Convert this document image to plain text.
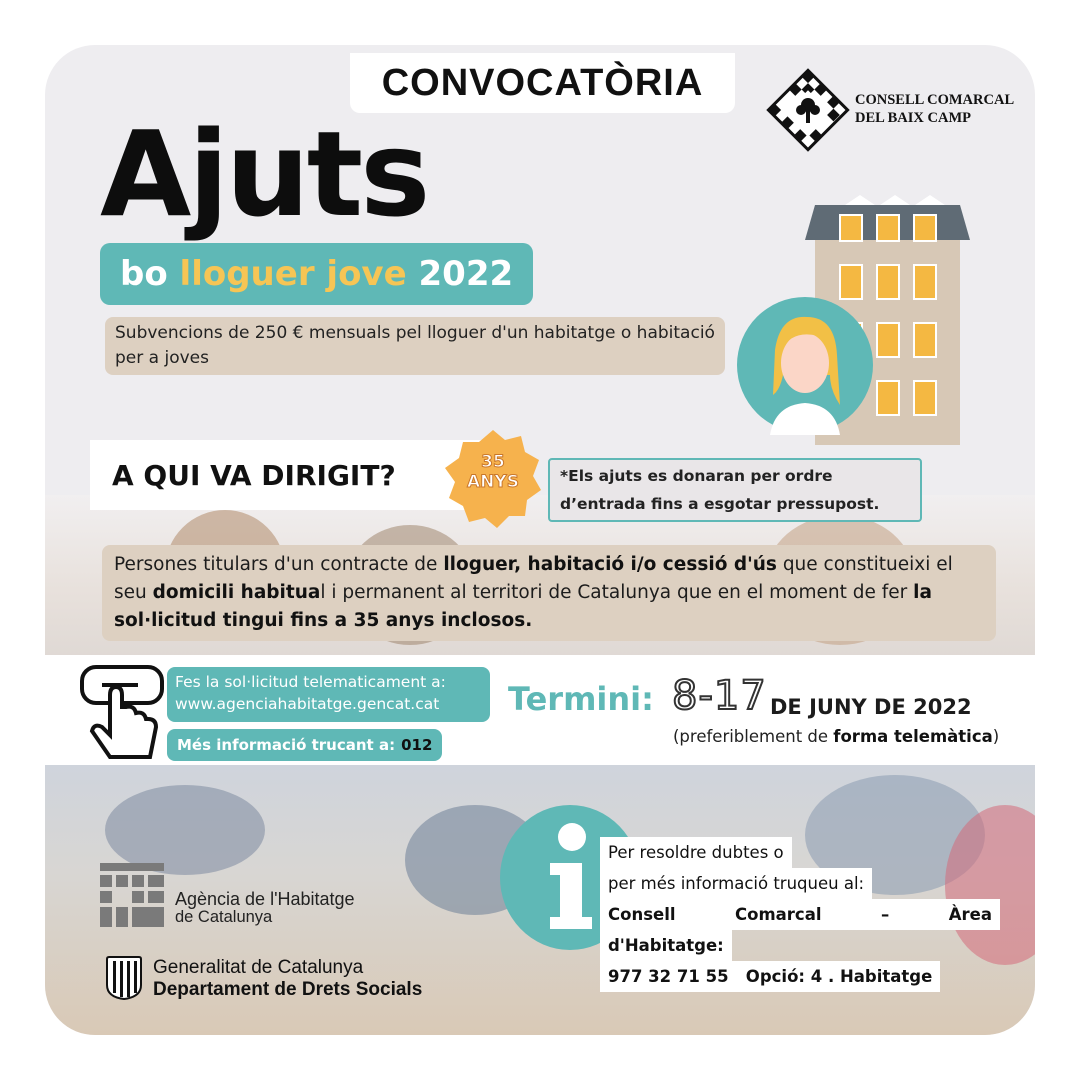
CONVOCATÒRIA	CONSELL COMARCAL
DEL BAIX CAMP
Ajuts
bo
lloguer jove
2022
Subvencions de 250 € mensuals pel lloguer d'un habitatge o habitació per a joves
A QUI VA DIRIGIT?	35
ANYS	*Els ajuts es donaran per ordre d’entrada fins a esgotar pressupost.
Persones titulars d'un contracte de lloguer, habitació i/o cessió d'ús que constitueixi el seu domicili habitual i permanent al territori de Catalunya que en el moment de fer la sol·licitud tingui fins a 35 anys inclosos.
Fes la sol·licitud telematicament a:
www.agenciahabitatge.gencat.cat
Més informació trucant a: 012
Termini: 8-17 DE JUNY DE 2022
(preferiblement de forma telemàtica)
Per resoldre dubtes o
per més informació truqueu al:
Consell	Comarcal	–	Àrea
d'Habitatge:
977 32 71 55 Opció: 4 . Habitatge
Agència de l'Habitatge
de Catalunya
Generalitat de Catalunya
Departament de Drets Socials
